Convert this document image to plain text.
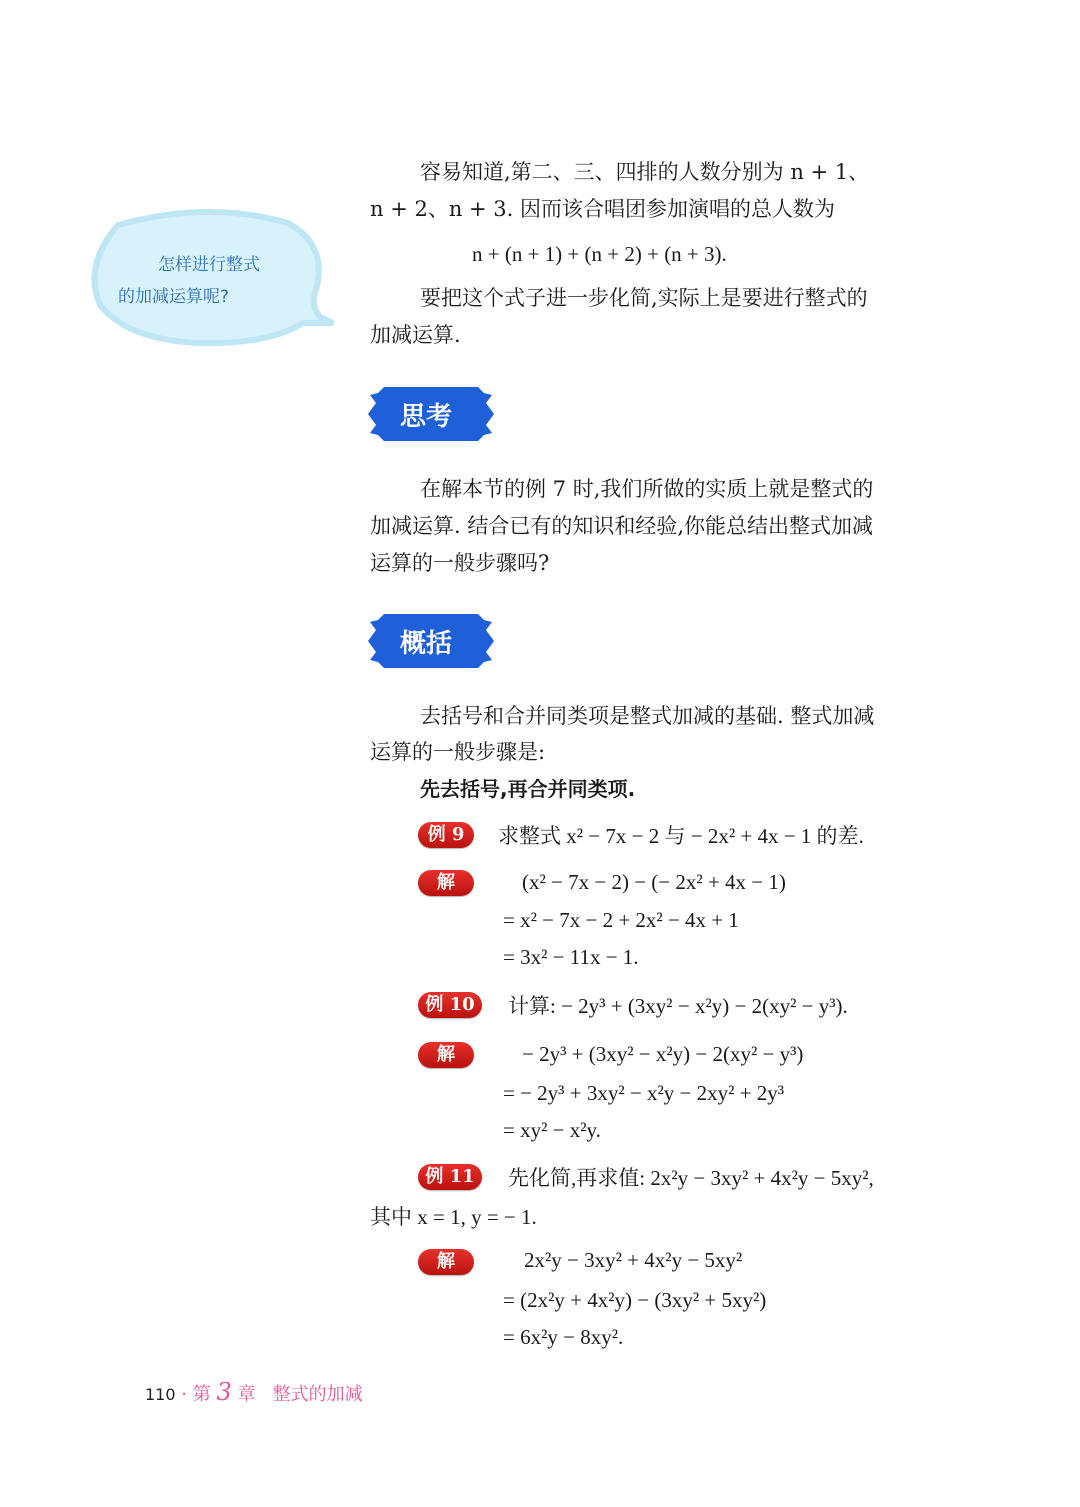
怎样进行整式
的加减运算呢?
容易知道,第二、三、四排的人数分别为 n + 1、
n + 2、n + 3. 因而该合唱团参加演唱的总人数为
n + (n + 1) + (n + 2) + (n + 3).
要把这个式子进一步化简,实际上是要进行整式的
加减运算.
思考
在解本节的例 7 时,我们所做的实质上就是整式的
加减运算. 结合已有的知识和经验,你能总结出整式加减
运算的一般步骤吗?
概括
去括号和合并同类项是整式加减的基础. 整式加减
运算的一般步骤是:
先去括号,再合并同类项.
例 9	求整式 x² − 7x − 2 与 − 2x² + 4x − 1 的差.
解	(x² − 7x − 2) − (− 2x² + 4x − 1)
= x² − 7x − 2 + 2x² − 4x + 1
= 3x² − 11x − 1.
例 10	计算: − 2y³ + (3xy² − x²y) − 2(xy² − y³).
解	− 2y³ + (3xy² − x²y) − 2(xy² − y³)
= − 2y³ + 3xy² − x²y − 2xy² + 2y³
= xy² − x²y.
例 11	先化简,再求值: 2x²y − 3xy² + 4x²y − 5xy²,
其中 x = 1, y = − 1.
解	2x²y − 3xy² + 4x²y − 5xy²
= (2x²y + 4x²y) − (3xy² + 5xy²)
= 6x²y − 8xy².
110 · 第 3 章 整式的加减
